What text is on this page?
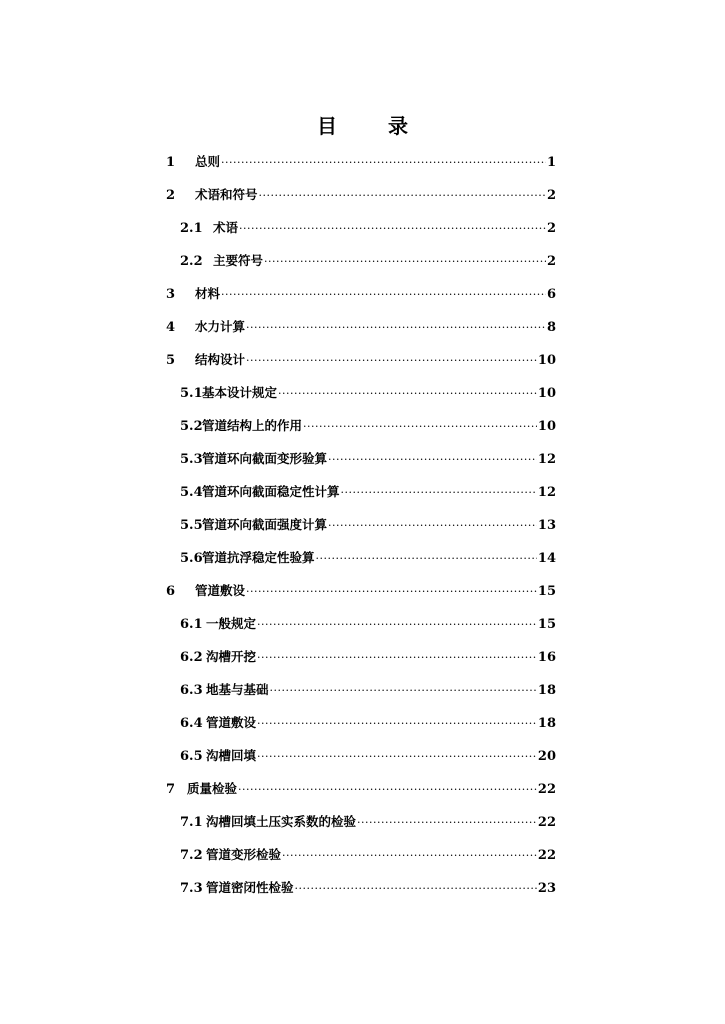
目 录
1	总则 ·····	1
2	术语和符号 ·····	2
2.1 术语 ·····	2
2.2 主要符号 ·····	2
3	材料 ·····	6
4	水力计算 ·····	8
5	结构设计 ·····	10
5.1 基本设计规定 ·····	10
5.2 管道结构上的作用 ·····	10
5.3 管道环向截面变形验算 ·····	12
5.4 管道环向截面稳定性计算 ·····	12
5.5 管道环向截面强度计算 ·····	13
5.6 管道抗浮稳定性验算 ·····	14
6	管道敷设 ·····	15
6.1 一般规定 ·····	15
6.2 沟槽开挖 ·····	16
6.3 地基与基础 ·····	18
6.4 管道敷设 ·····	18
6.5 沟槽回填 ·····	20
7 质量检验 ·····	22
7.1 沟槽回填土压实系数的检验 ·····	22
7.2 管道变形检验 ·····	22
7.3 管道密闭性检验 ·····	23
